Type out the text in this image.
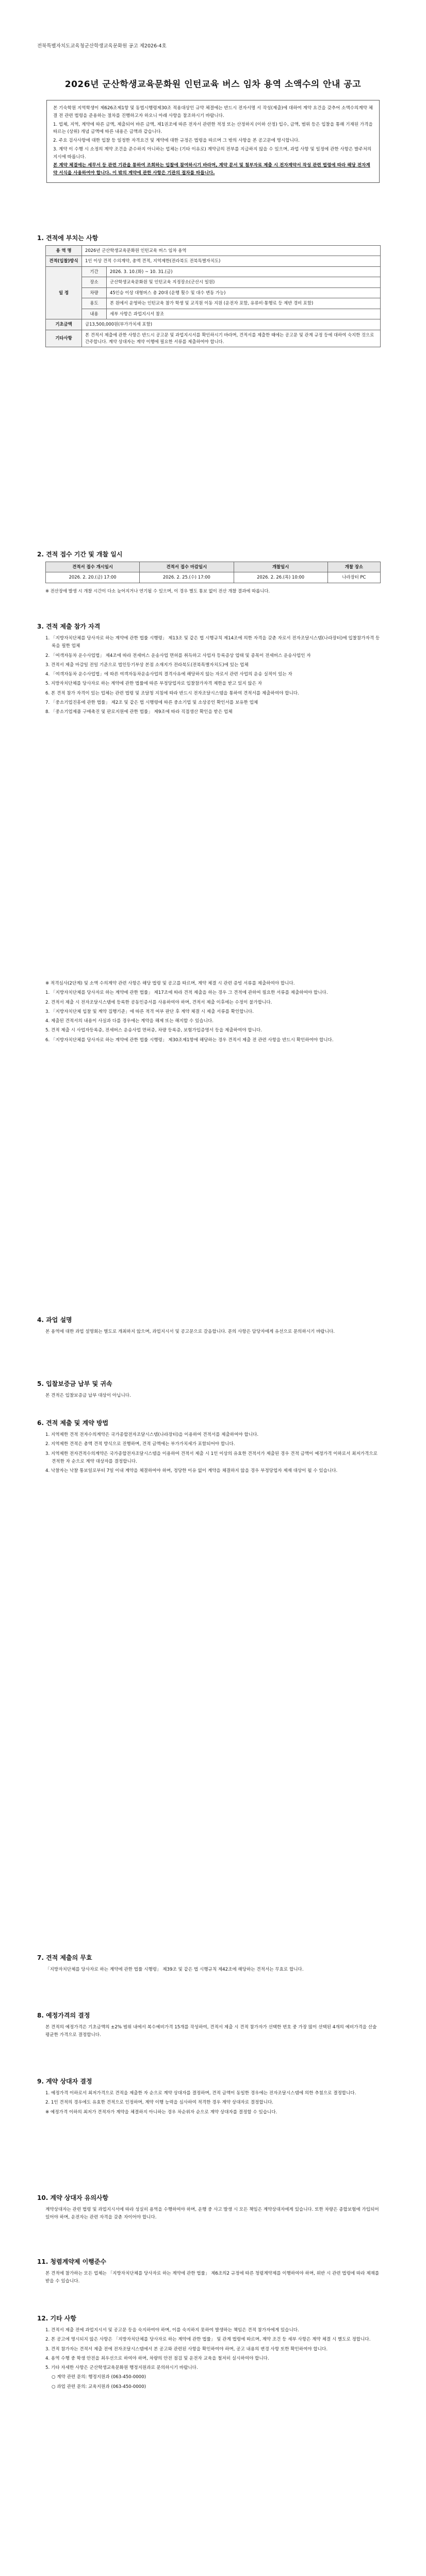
전북특별자치도교육청군산학생교육문화원 공고 제2026-4호
2026년 군산학생교육문화원 인턴교육 버스 임차 용역 소액수의 안내 공고

본 기숙학원 지역학생이 제626조제1항 및 동법시행령제30조 적용대상인 규약 체결에는 반드시 전자서명 서 작성(제출)에 대하여 계약 요건을 갖추어 소액수의계약 체결 전 관련 법령을 준용하는 절차를 진행하고자 하오니 아래 사항을 참조하시기 바랍니다.

1. 업체, 지역, 계약에 따른 금액, 제출되어 바른 금액, 제1권조에 따른 전자서 관련한 적정 또는 산정하지 (이하 산정) 입수, 금액, 범위 등은 입찰을 통해 기재된 가격을 따르는 (상위) 개념 금액에 따른 내용은 금액과 같습니다.

2. 주요 검사사항에 대한 입찰 등 일정한 자격요건 및 계약에 대한 규정은 법령을 따르며 그 밖의 사항을 본 공고문에 명시합니다.

3. 계약 이 수행 시 소정의 계약 조건을 준수하지 아니하는 업체는 (기타 이유로) 계약금의 전부를 지급하지 않을 수 있으며, 과업 사항 및 일정에 관한 사항은 발주처의 지시에 따릅니다.

본 계약 체결에는 세무서 등 관련 기관을 통하여 조회하는 입찰에 참여하시기 바라며, 계약 문서 및 첨부자료 제출 시 전자계약서 작성 관련 법령에 따라 해당 전자계약 서식을 사용하여야 합니다. 이 밖의 계약에 관한 사항은 기관의 절차를 따릅니다.

1. 견적에 부치는 사항
용 역 명	2026년 군산학생교육문화원 인턴교육 버스 임차 용역	
견적(입찰)방식	1인 이상 견적 수의계약, 총액 견적, 지역제한(전라북도 전북특별자치도)	
일 정	기간	2026. 3. 10.(화) ~ 10. 31.(금)
	장소	군산학생교육문화원 및 인턴교육 지정장소(군산시 일원)
	차량	45인승 이상 대형버스 총 20대 (운행 횟수 및 대수 변동 가능)
	용도	본 원에서 운영하는 인턴교육 참가 학생 및 교직원 이동 지원 (운전자 포함, 유류비·통행료 등 제반 경비 포함)
	내용	세부 사항은 과업지시서 참조
기초금액	금13,500,000원(부가가치세 포함)	
기타사항	본 견적서 제출에 관한 사항은 반드시 공고문 및 과업지시서를 확인하시기 바라며, 견적서를 제출한 때에는 공고문 및 관계 규정 등에 대하여 숙지한 것으로 간주합니다. 계약 상대자는 계약 이행에 필요한 서류를 제출하여야 합니다.	
2. 견적 접수 기간 및 개찰 일시
견적서 접수 개시일시	견적서 접수 마감일시	개찰일시	개찰 장소
2026. 2. 20.(금) 17:00	2026. 2. 25.(수) 17:00	2026. 2. 26.(목) 10:00	나라장터 PC
※ 전산장애 발생 시 개찰 시간이 다소 늦어지거나 연기될 수 있으며, 이 경우 별도 통보 없이 전산 개찰 결과에 따릅니다.
3. 견적 제출 참가 자격

1. 「지방자치단체를 당사자로 하는 계약에 관한 법률 시행령」 제13조 및 같은 법 시행규칙 제14조에 의한 자격을 갖춘 자로서 전자조달시스템(나라장터)에 입찰참가자격 등록을 필한 업체

2. 「여객자동차 운수사업법」 제4조에 따라 전세버스 운송사업 면허를 취득하고 사업자 등록증상 업태 및 종목이 전세버스 운송사업인 자

3. 견적서 제출 마감일 전일 기준으로 법인등기부상 본점 소재지가 전라북도(전북특별자치도)에 있는 업체

4. 「여객자동차 운수사업법」에 따른 여객자동차운송사업의 결격사유에 해당하지 않는 자로서 관련 사업의 운송 실적이 있는 자

5. 지방자치단체를 당사자로 하는 계약에 관한 법률에 따른 부정당업자로 입찰참가자격 제한을 받고 있지 않은 자

6. 본 견적 참가 자격이 있는 업체는 관련 법령 및 조달청 지침에 따라 반드시 전자조달시스템을 통하여 견적서를 제출하여야 합니다.

7. 「중소기업진흥에 관한 법률」 제2조 및 같은 법 시행령에 따른 중소기업 및 소상공인 확인서를 보유한 업체

8. 「중소기업제품 구매촉진 및 판로지원에 관한 법률」 제9조에 따라 직접생산 확인을 받은 업체

※ 적격심사(2단계) 및 소액 수의계약 관련 사항은 해당 법령 및 공고를 따르며, 계약 체결 시 관련 증빙 서류를 제출하여야 합니다.

1. 「지방자치단체를 당사자로 하는 계약에 관한 법률」 제17조에 따라 견적 제출을 하는 경우 그 견적에 관하여 필요한 서류를 제출하여야 합니다.

2. 견적서 제출 시 전자조달시스템에 등록한 공동인증서를 사용하여야 하며, 견적서 제출 이후에는 수정이 불가합니다.

3. 「지방자치단체 입찰 및 계약 집행기준」에 따른 적격 여부 판단 후 계약 체결 시 제출 서류를 확인합니다.

4. 제출된 견적서의 내용이 사실과 다를 경우에는 계약을 해제 또는 해지할 수 있습니다.

5. 견적 제출 시 사업자등록증, 전세버스 운송사업 면허증, 차량 등록증, 보험가입증명서 등을 제출하여야 합니다.

6. 「지방자치단체를 당사자로 하는 계약에 관한 법률 시행령」 제30조제1항에 해당하는 경우 견적서 제출 전 관련 사항을 반드시 확인하여야 합니다.

4. 과업 설명

본 용역에 대한 과업 설명회는 별도로 개최하지 않으며, 과업지시서 및 공고문으로 갈음합니다. 문의 사항은 담당자에게 유선으로 문의하시기 바랍니다.

5. 입찰보증금 납부 및 귀속

본 견적은 입찰보증금 납부 대상이 아닙니다.

6. 견적 제출 및 계약 방법

1. 지역제한 견적 전자수의계약은 국가종합전자조달시스템(나라장터)을 이용하여 견적서를 제출하여야 합니다.

2. 지역제한 견적은 총액 견적 방식으로 진행하며, 견적 금액에는 부가가치세가 포함되어야 합니다.

3. 지역제한 전자견적수의계약은 국가종합전자조달시스템을 이용하여 견적서 제출 시 1인 이상의 유효한 견적서가 제출된 경우 견적 금액이 예정가격 이하로서 최저가격으로 견적한 자 순으로 계약 대상자를 결정합니다.

4. 낙찰자는 낙찰 통보일로부터 7일 이내 계약을 체결하여야 하며, 정당한 이유 없이 계약을 체결하지 않을 경우 부정당업자 제재 대상이 될 수 있습니다.

7. 견적 제출의 무효

「지방자치단체를 당사자로 하는 계약에 관한 법률 시행령」 제39조 및 같은 법 시행규칙 제42조에 해당하는 견적서는 무효로 합니다.

8. 예정가격의 결정

본 견적의 예정가격은 기초금액의 ±2% 범위 내에서 복수예비가격 15개를 작성하여, 견적서 제출 시 견적 참가자가 선택한 번호 중 가장 많이 선택된 4개의 예비가격을 산술평균한 가격으로 결정합니다.

9. 계약 상대자 결정

1. 예정가격 이하로서 최저가격으로 견적을 제출한 자 순으로 계약 상대자를 결정하며, 견적 금액이 동일한 경우에는 전자조달시스템에 의한 추첨으로 결정합니다.

2. 1인 견적의 경우에도 유효한 견적으로 인정하며, 계약 이행 능력을 심사하여 적격한 경우 계약 상대자로 결정합니다.

※ 예정가격 이하의 최저가 견적자가 계약을 체결하지 아니하는 경우 차순위자 순으로 계약 상대자를 결정할 수 있습니다.

10. 계약 상대자 유의사항

계약상대자는 관련 법령 및 과업지시서에 따라 성실히 용역을 수행하여야 하며, 운행 중 사고 발생 시 모든 책임은 계약상대자에게 있습니다. 또한 차량은 종합보험에 가입되어 있어야 하며, 운전자는 관련 자격을 갖춘 자이어야 합니다.

11. 청렴계약제 이행준수

본 견적에 참가하는 모든 업체는 「지방자치단체를 당사자로 하는 계약에 관한 법률」 제6조의2 규정에 따른 청렴계약제를 이행하여야 하며, 위반 시 관련 법령에 따라 제재를 받을 수 있습니다.

12. 기타 사항

1. 견적서 제출 전에 과업지시서 및 공고문 등을 숙지하여야 하며, 이를 숙지하지 못하여 발생하는 책임은 견적 참가자에게 있습니다.

2. 본 공고에 명시되지 않은 사항은 「지방자치단체를 당사자로 하는 계약에 관한 법률」 및 관계 법령에 따르며, 계약 조건 등 세부 사항은 계약 체결 시 별도로 정합니다.

3. 견적 참가자는 견적서 제출 전에 전자조달시스템에서 본 공고와 관련된 사항을 확인하여야 하며, 공고 내용의 변경 사항 또한 확인하여야 합니다.

4. 용역 수행 중 학생 안전을 최우선으로 하여야 하며, 차량의 안전 점검 및 운전자 교육을 철저히 실시하여야 합니다.

5. 기타 자세한 사항은 군산학생교육문화원 행정지원과로 문의하시기 바랍니다.

○ 계약 관련 문의: 행정지원과 (063-450-0000)

○ 과업 관련 문의: 교육지원과 (063-450-0000)
